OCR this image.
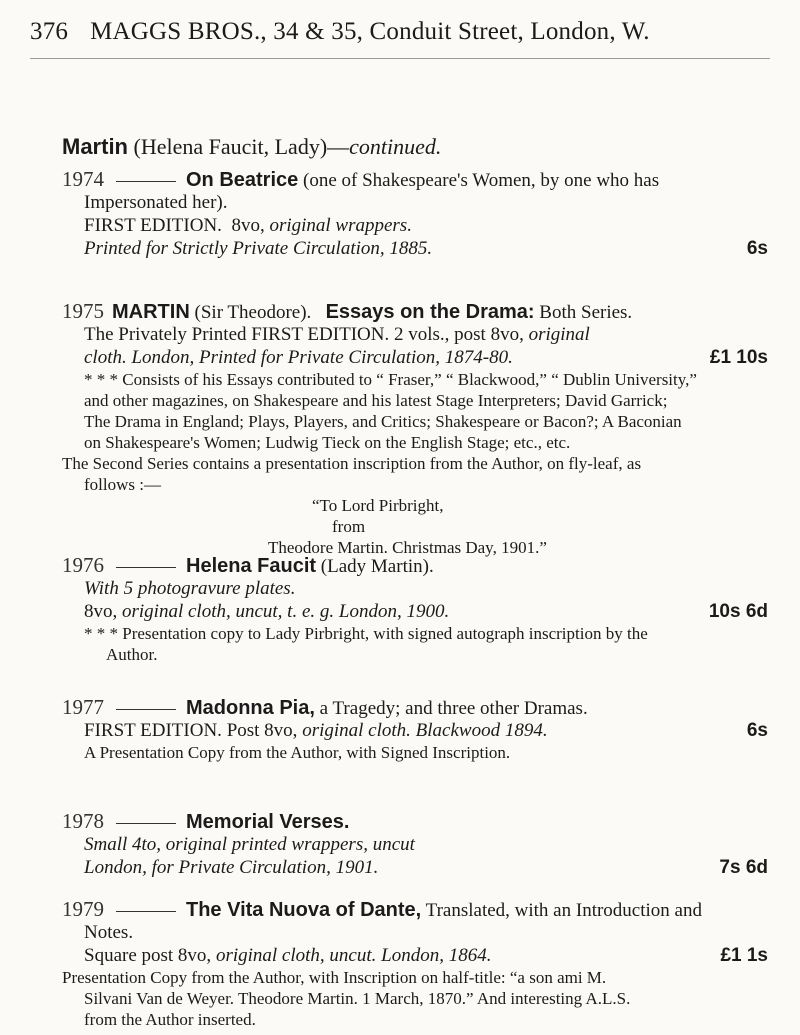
376 MAGGS BROS., 34 & 35, Conduit Street, London, W.
Martin (Helena Faucit, Lady)—continued.
1974	On Beatrice (one of Shakespeare's Women, by one who has
Impersonated her).
FIRST EDITION. 8vo, original wrappers.
Printed for Strictly Private Circulation, 1885.	6s
1975 MARTIN (Sir Theodore). Essays on the Drama: Both Series.
The Privately Printed FIRST EDITION. 2 vols., post 8vo, original
cloth. London, Printed for Private Circulation, 1874-80.	£1 10s
* * * Consists of his Essays contributed to “ Fraser,” “ Blackwood,” “ Dublin University,”
and other magazines, on Shakespeare and his latest Stage Interpreters; David Garrick;
The Drama in England; Plays, Players, and Critics; Shakespeare or Bacon?; A Baconian
on Shakespeare's Women; Ludwig Tieck on the English Stage; etc., etc.
The Second Series contains a presentation inscription from the Author, on fly-leaf, as
follows :—
“To Lord Pirbright,
from
Theodore Martin. Christmas Day, 1901.”
1976	Helena Faucit (Lady Martin).
With 5 photogravure plates.
8vo, original cloth, uncut, t. e. g. London, 1900.	10s 6d
* * * Presentation copy to Lady Pirbright, with signed autograph inscription by the
Author.
1977	Madonna Pia, a Tragedy; and three other Dramas.
FIRST EDITION. Post 8vo, original cloth. Blackwood 1894.	6s
A Presentation Copy from the Author, with Signed Inscription.
1978	Memorial Verses.
Small 4to, original printed wrappers, uncut
London, for Private Circulation, 1901.	7s 6d
1979	The Vita Nuova of Dante, Translated, with an Introduction and
Notes.
Square post 8vo, original cloth, uncut. London, 1864.	£1 1s
Presentation Copy from the Author, with Inscription on half-title: “a son ami M.
Silvani Van de Weyer. Theodore Martin. 1 March, 1870.” And interesting A.L.S.
from the Author inserted.
